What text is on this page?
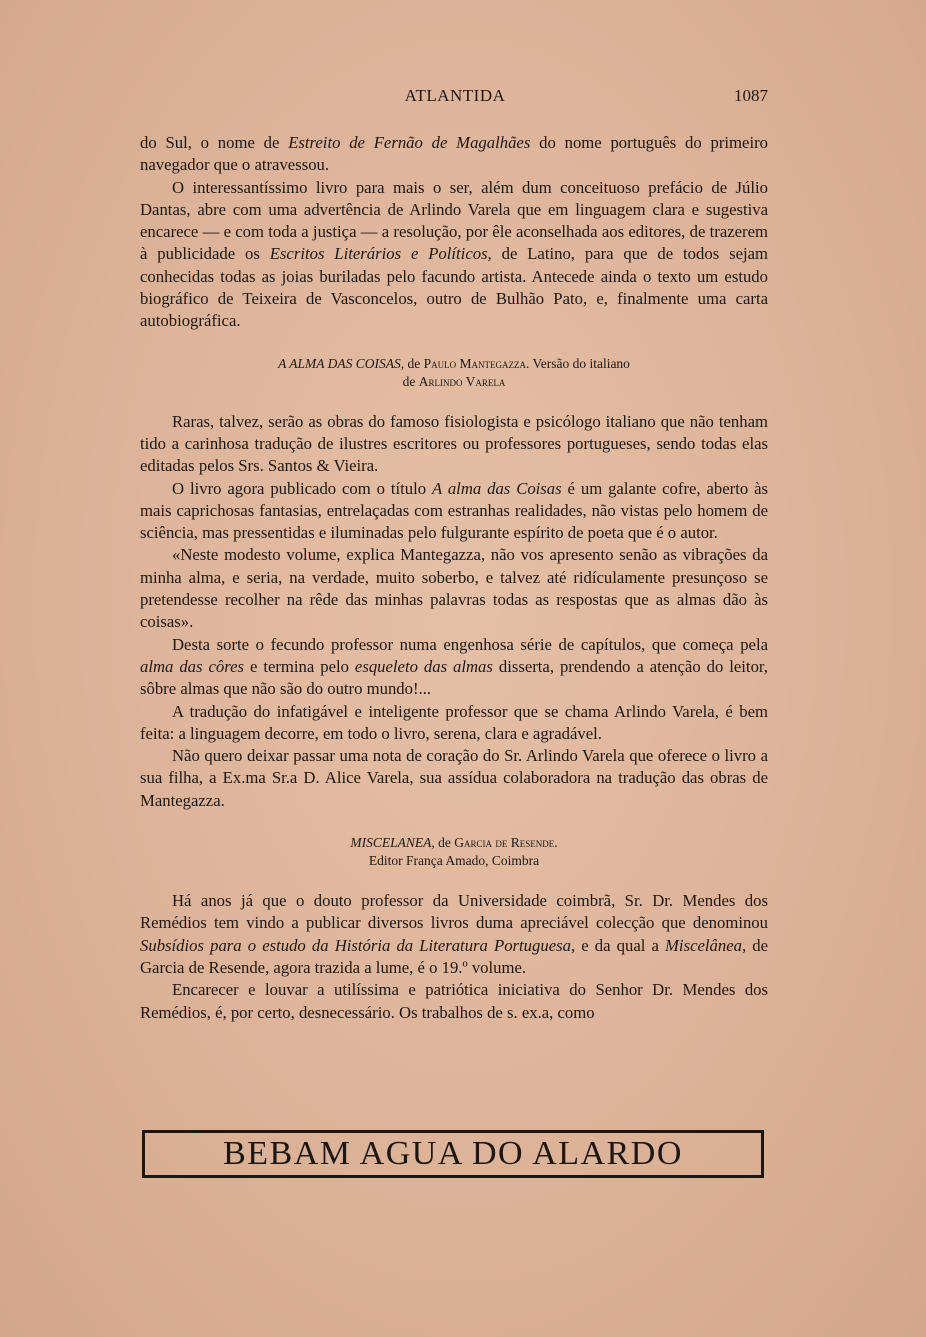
ATLANTIDA	1087

do Sul, o nome de Estreito de Fernão de Magalhães do nome português do primeiro navegador que o atravessou.

O interessantíssimo livro para mais o ser, além dum conceituoso prefácio de Júlio Dantas, abre com uma advertência de Arlindo Varela que em linguagem clara e sugestiva encarece — e com toda a justiça — a resolução, por êle aconselhada aos editores, de trazerem à publicidade os Escritos Literários e Políticos, de Latino, para que de todos sejam conhecidas todas as joias buriladas pelo facundo artista. Antecede ainda o texto um estudo biográfico de Teixeira de Vasconcelos, outro de Bulhão Pato, e, finalmente uma carta autobiográfica.

A ALMA DAS COISAS, de Paulo Mantegazza. Versão do italiano
de Arlindo Varela

Raras, talvez, serão as obras do famoso fisiologista e psicólogo italiano que não tenham tido a carinhosa tradução de ilustres escritores ou professores portugueses, sendo todas elas editadas pelos Srs. Santos & Vieira.

O livro agora publicado com o título A alma das Coisas é um galante cofre, aberto às mais caprichosas fantasias, entrelaçadas com estranhas realidades, não vistas pelo homem de sciência, mas pressentidas e iluminadas pelo fulgurante espírito de poeta que é o autor.

«Neste modesto volume, explica Mantegazza, não vos apresento senão as vibrações da minha alma, e seria, na verdade, muito soberbo, e talvez até ridículamente presunçoso se pretendesse recolher na rêde das minhas palavras todas as respostas que as almas dão às coisas».

Desta sorte o fecundo professor numa engenhosa série de capítulos, que começa pela alma das côres e termina pelo esqueleto das almas disserta, prendendo a atenção do leitor, sôbre almas que não são do outro mundo!...

A tradução do infatigável e inteligente professor que se chama Arlindo Varela, é bem feita: a linguagem decorre, em todo o livro, serena, clara e agradável.

Não quero deixar passar uma nota de coração do Sr. Arlindo Varela que oferece o livro a sua filha, a Ex.ma Sr.a D. Alice Varela, sua assídua colaboradora na tradução das obras de Mantegazza.

MISCELANEA, de Garcia de Resende.
Editor França Amado, Coimbra

Há anos já que o douto professor da Universidade coimbrã, Sr. Dr. Mendes dos Remédios tem vindo a publicar diversos livros duma apreciável colecção que denominou Subsídios para o estudo da História da Literatura Portuguesa, e da qual a Miscelânea, de Garcia de Resende, agora trazida a lume, é o 19.º volume.

Encarecer e louvar a utilíssima e patriótica iniciativa do Senhor Dr. Mendes dos Remédios, é, por certo, desnecessário. Os trabalhos de s. ex.a, como

BEBAM AGUA DO ALARDO
